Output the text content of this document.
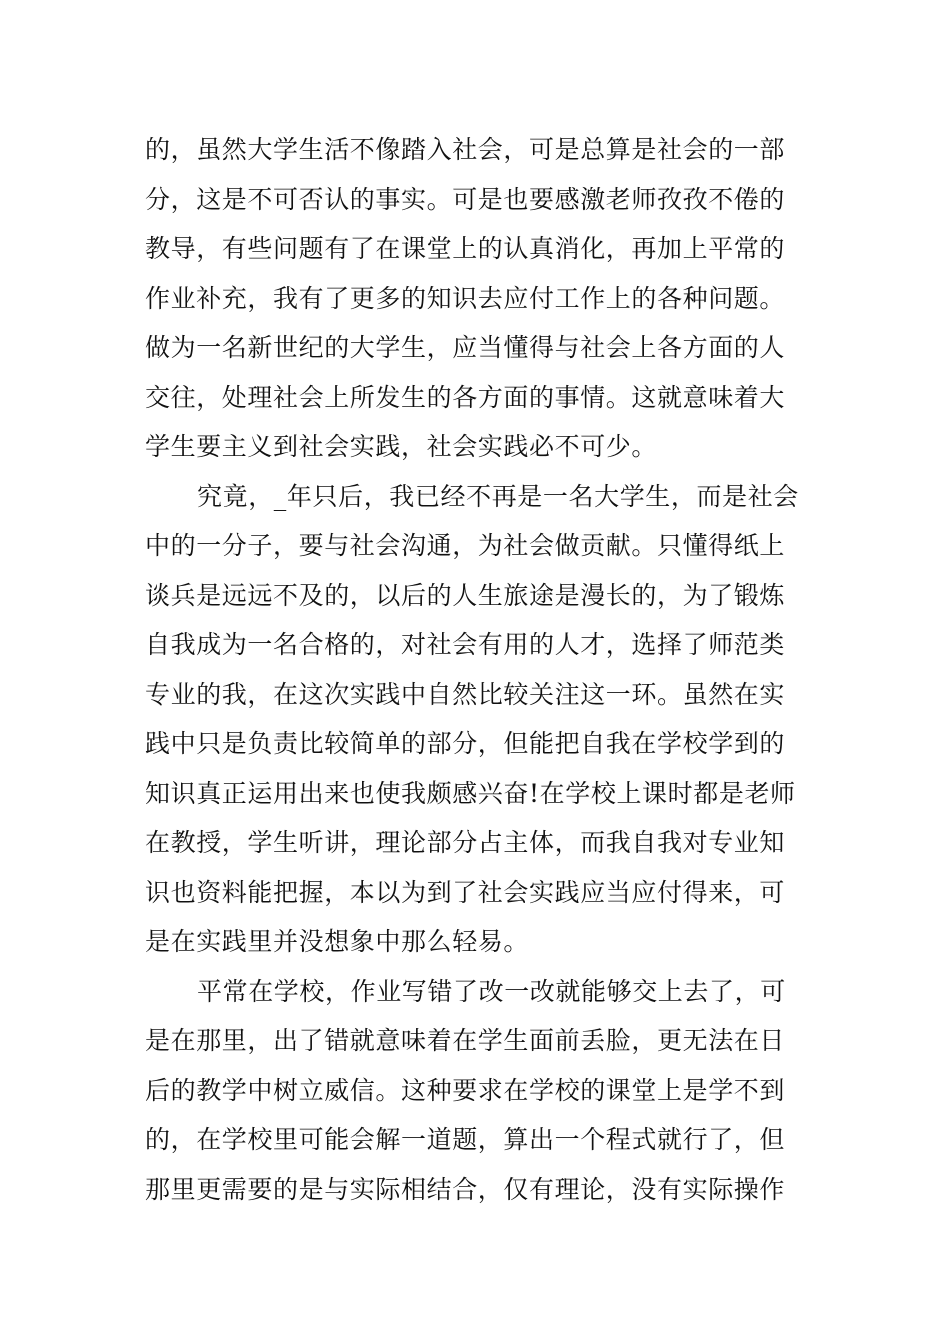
的，虽然大学生活不像踏入社会，可是总算是社会的一部
分，这是不可否认的事实。可是也要感激老师孜孜不倦的
教导，有些问题有了在课堂上的认真消化，再加上平常的
作业补充，我有了更多的知识去应付工作上的各种问题。
做为一名新世纪的大学生，应当懂得与社会上各方面的人
交往，处理社会上所发生的各方面的事情。这就意味着大
学生要主义到社会实践，社会实践必不可少。
究竟，_年只后，我已经不再是一名大学生，而是社会
中的一分子，要与社会沟通，为社会做贡献。只懂得纸上
谈兵是远远不及的，以后的人生旅途是漫长的，为了锻炼
自我成为一名合格的，对社会有用的人才，选择了师范类
专业的我，在这次实践中自然比较关注这一环。虽然在实
践中只是负责比较简单的部分，但能把自我在学校学到的
知识真正运用出来也使我颇感兴奋!在学校上课时都是老师
在教授，学生听讲，理论部分占主体，而我自我对专业知
识也资料能把握，本以为到了社会实践应当应付得来，可
是在实践里并没想象中那么轻易。
平常在学校，作业写错了改一改就能够交上去了，可
是在那里，出了错就意味着在学生面前丢脸，更无法在日
后的教学中树立威信。这种要求在学校的课堂上是学不到
的，在学校里可能会解一道题，算出一个程式就行了，但
那里更需要的是与实际相结合，仅有理论，没有实际操作
